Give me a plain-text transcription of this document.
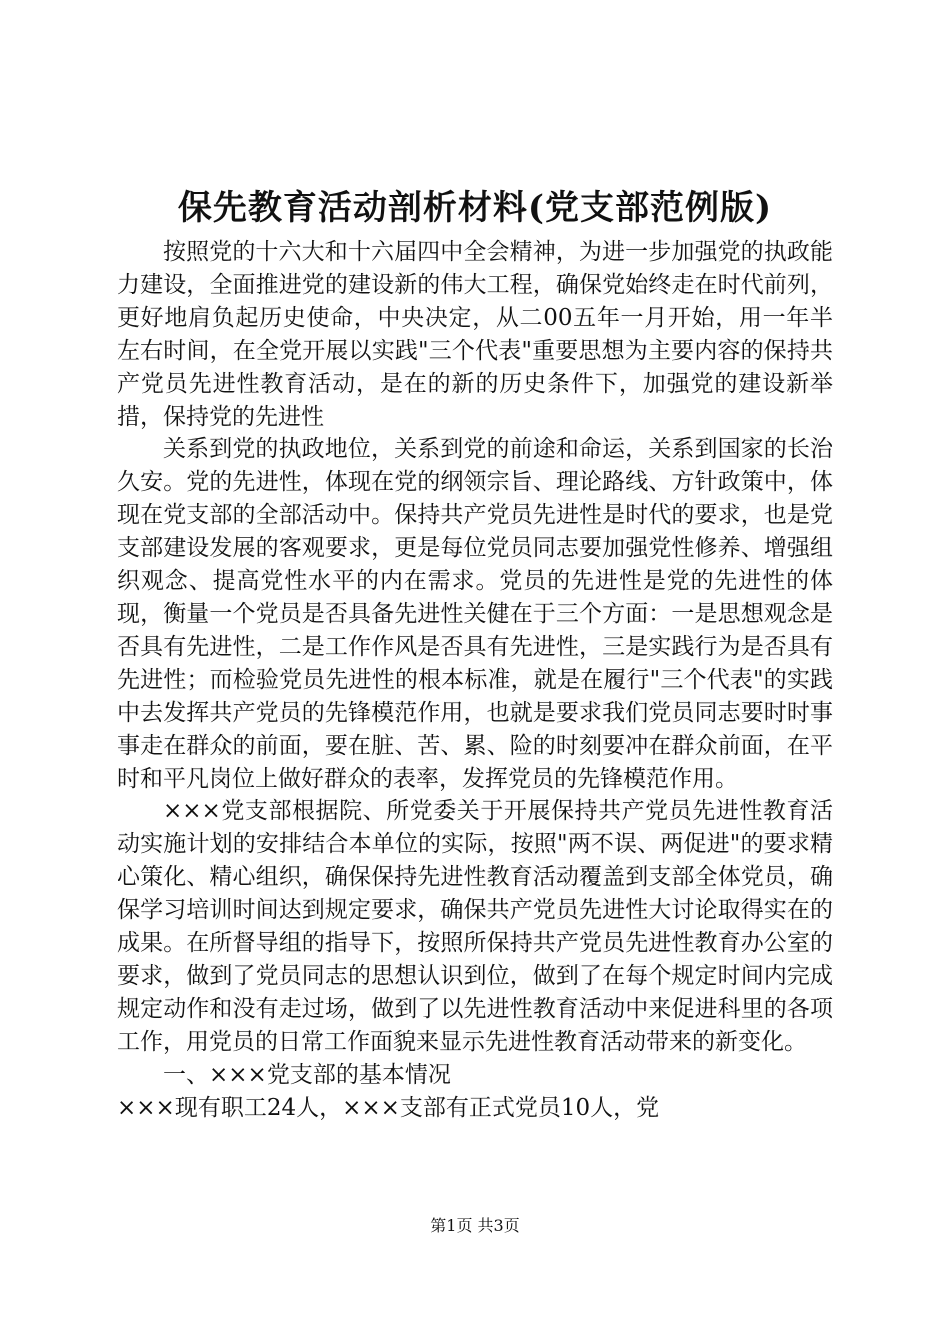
保先教育活动剖析材料(党支部范例版)

按照党的十六大和十六届四中全会精神，为进一步加强党的执政能力建设，全面推进党的建设新的伟大工程，确保党始终走在时代前列，更好地肩负起历史使命，中央决定，从二00五年一月开始，用一年半左右时间，在全党开展以实践"三个代表"重要思想为主要内容的保持共产党员先进性教育活动，是在的新的历史条件下，加强党的建设新举措，保持党的先进性

关系到党的执政地位，关系到党的前途和命运，关系到国家的长治久安。党的先进性，体现在党的纲领宗旨、理论路线、方针政策中，体现在党支部的全部活动中。保持共产党员先进性是时代的要求，也是党支部建设发展的客观要求，更是每位党员同志要加强党性修养、增强组织观念、提高党性水平的内在需求。党员的先进性是党的先进性的体现，衡量一个党员是否具备先进性关健在于三个方面：一是思想观念是否具有先进性，二是工作作风是否具有先进性，三是实践行为是否具有先进性；而检验党员先进性的根本标准，就是在履行"三个代表"的实践中去发挥共产党员的先锋模范作用，也就是要求我们党员同志要时时事事走在群众的前面，要在脏、苦、累、险的时刻要冲在群众前面，在平时和平凡岗位上做好群众的表率，发挥党员的先锋模范作用。

×××党支部根据院、所党委关于开展保持共产党员先进性教育活动实施计划的安排结合本单位的实际，按照"两不误、两促进"的要求精心策化、精心组织，确保保持先进性教育活动覆盖到支部全体党员，确保学习培训时间达到规定要求，确保共产党员先进性大讨论取得实在的成果。在所督导组的指导下，按照所保持共产党员先进性教育办公室的要求，做到了党员同志的思想认识到位，做到了在每个规定时间内完成规定动作和没有走过场，做到了以先进性教育活动中来促进科里的各项工作，用党员的日常工作面貌来显示先进性教育活动带来的新变化。

一、×××党支部的基本情况

×××现有职工24人，×××支部有正式党员10人，党

第1页 共3页
